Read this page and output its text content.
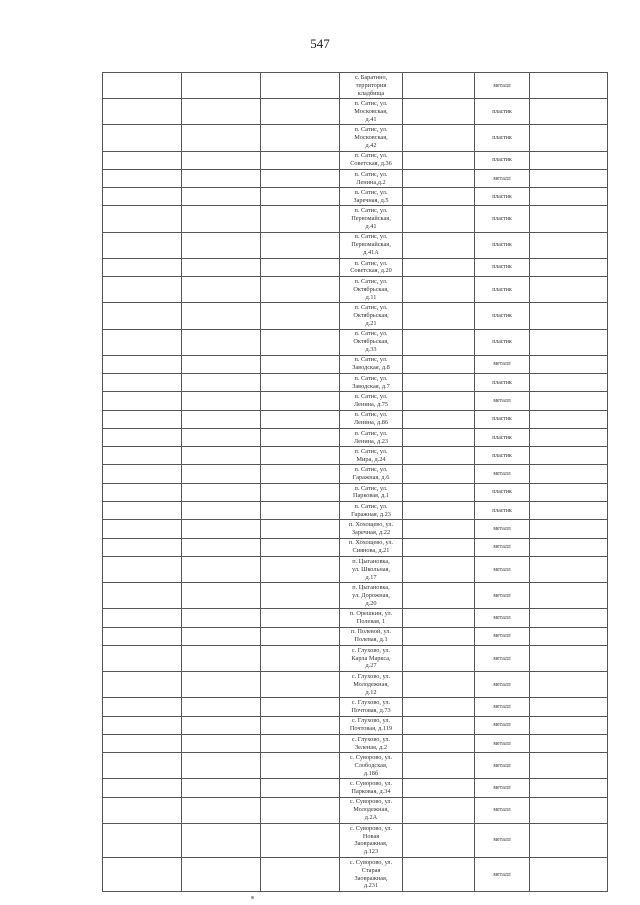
547

			с. Баратино,
территория
кладбища		металл	

			п. Сатис, ул.
Московская,
д.41		пластик	

			п. Сатис, ул.
Московская,
д.42		пластик	

			п. Сатис, ул.
Советская, д.36		пластик	

			п. Сатис, ул.
Ленина,д.2		металл	

			п. Сатис, ул.
Заречная, д.5		пластик	

			п. Сатис, ул.
Первомайская,
д.41		пластик	

			п. Сатис, ул.
Первомайская,
д.41А		пластик	

			п. Сатис, ул.
Советская, д.20		пластик	

			п. Сатис, ул.
Октябрьская,
д.11		пластик	

			п. Сатис, ул.
Октябрьская,
д.21		пластик	

			п. Сатис, ул.
Октябрьская,
д.33		пластик	

			п. Сатис, ул.
Заводская, д.8		металл	

			п. Сатис, ул.
Заводская, д.7		пластик	

			п. Сатис, ул.
Ленина, д.75		металл	

			п. Сатис, ул.
Ленина, д.86		пластик	

			п. Сатис, ул.
Ленина, д.23		пластик	

			п. Сатис, ул.
Мира, д.24		пластик	

			п. Сатис, ул.
Гаражная, д.6		металл	

			п. Сатис, ул.
Парковая, д.1		пластик	

			п. Сатис, ул.
Гаражная, д.23		пластик	

			п. Хохощево, ул.
Заречная, д.22		металл	

			п. Хохощево, ул.
Сиянова, д.21		металл	

			п. Цыгановка,
ул. Школьная,
д.17		металл	

			п. Цыгановка,
ул. Дорожная,
д.20		металл	

			п. Орешкин, ул.
Полевая, 1		металл	

			п. Полевой, ул.
Полевая, д.1		металл	

			с. Глухово, ул.
Карла Маркса,
д.27		металл	

			с. Глухово, ул.
Молодежная,
д.12		металл	

			с. Глухово, ул.
Почтовая, д.73		металл	

			с. Глухово, ул.
Почтовая, д.119		металл	

			с. Глухово, ул.
Зеленая, д.2		металл	

			с. Суворово, ул.
Слободская,
д.18б		металл	

			с. Суворово, ул.
Парковая, д.34		металл	

			с. Суворово, ул.
Молодежная,
д.2А		металл	

			с. Суворово, ул.
Новая
Заовражная,
д.123		металл	

			с. Суворово, ул.
Старая
Заовражная,
д.231		металл	
